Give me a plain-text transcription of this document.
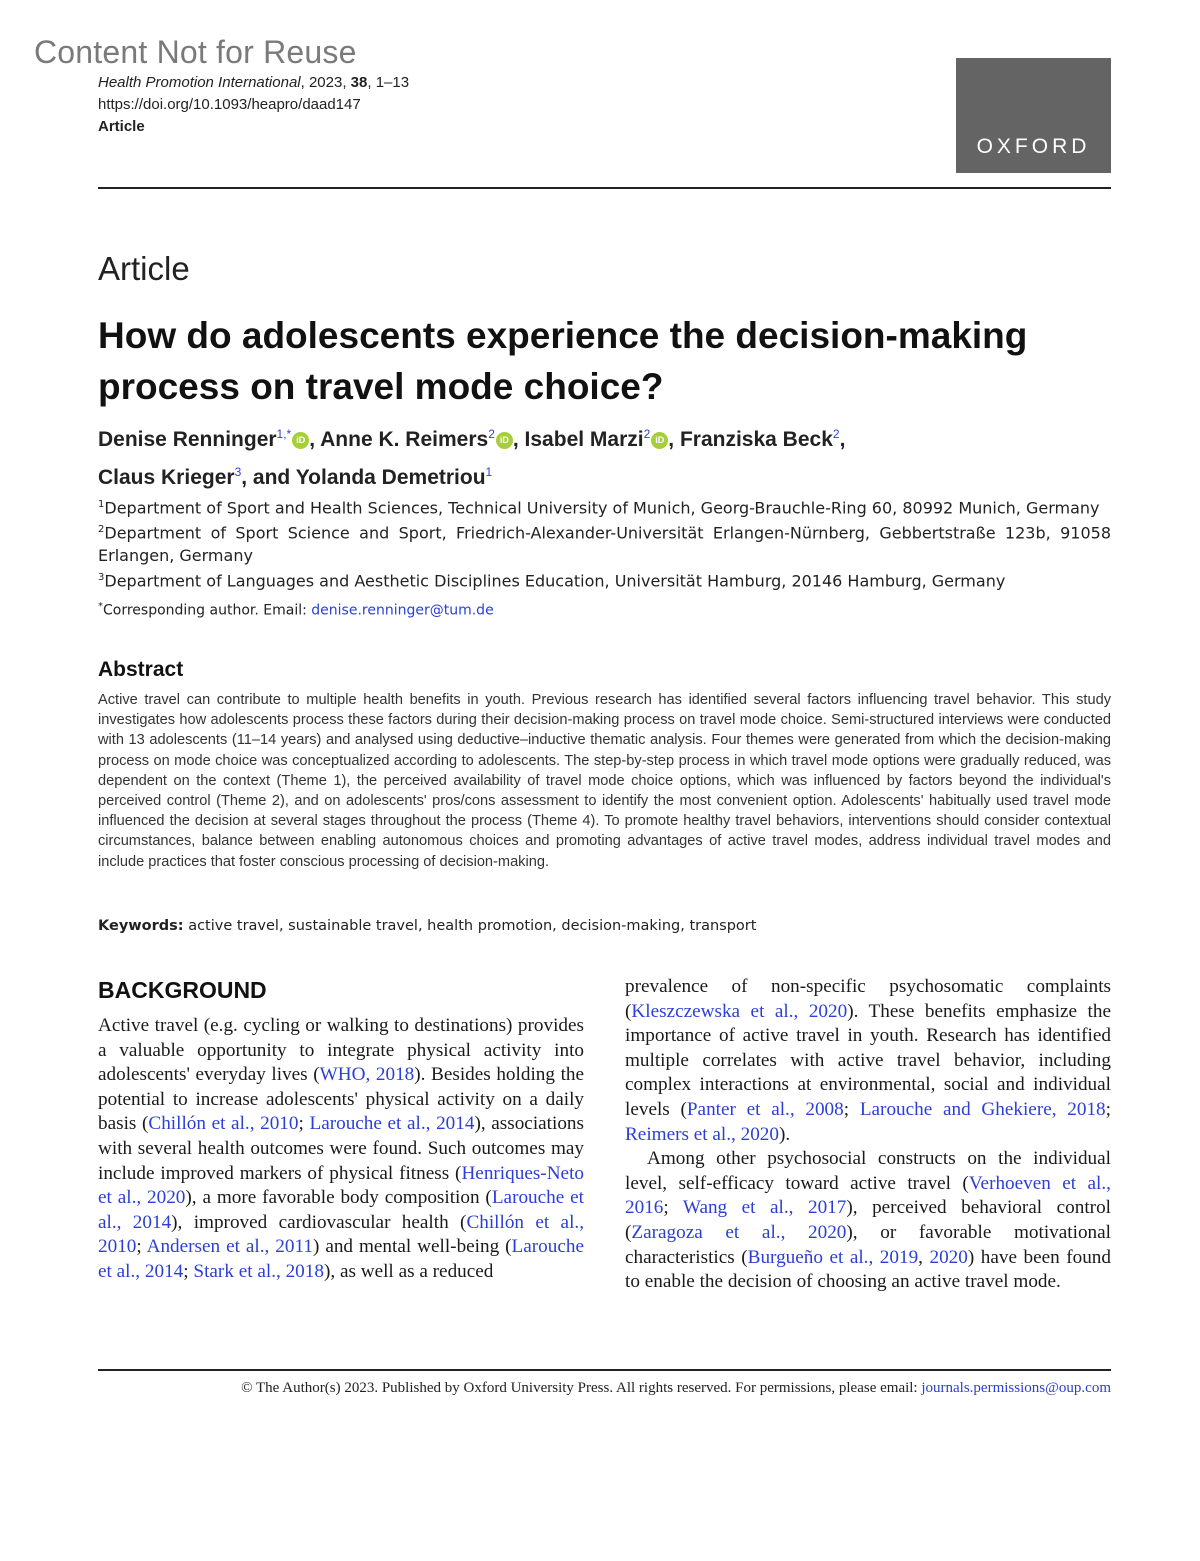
Content Not for Reuse
Health Promotion International, 2023, 38, 1–13
https://doi.org/10.1093/heapro/daad147
Article
OXFORD
Article
How do adolescents experience the decision-making process on travel mode choice?
Denise Renninger$^{1,*}$ iD , Anne K. Reimers$^2$ iD , Isabel Marzi$^2$ iD , Franziska Beck$^2$,
Claus Krieger$^3$, and Yolanda Demetriou$^1$

$^1$Department of Sport and Health Sciences, Technical University of Munich, Georg-Brauchle-Ring 60, 80992 Munich, Germany

$^2$Department of Sport Science and Sport, Friedrich-Alexander-Universität Erlangen-Nürnberg, Gebbertstraße 123b, 91058 Erlangen, Germany

$^3$Department of Languages and Aesthetic Disciplines Education, Universität Hamburg, 20146 Hamburg, Germany

*Corresponding author. Email: denise.renninger@tum.de

Abstract
Active travel can contribute to multiple health benefits in youth. Previous research has identified several factors influencing travel behavior. This study investigates how adolescents process these factors during their decision-making process on travel mode choice. Semi-structured interviews were conducted with 13 adolescents (11–14 years) and analysed using deductive–inductive thematic analysis. Four themes were generated from which the decision-making process on mode choice was conceptualized according to adolescents. The step-by-step process in which travel mode options were gradually reduced, was dependent on the context (Theme 1), the perceived availability of travel mode choice options, which was influenced by factors beyond the individual's perceived control (Theme 2), and on adolescents' pros/cons assessment to identify the most convenient option. Adolescents' habitually used travel mode influenced the decision at several stages throughout the process (Theme 4). To promote healthy travel behaviors, interventions should consider contextual circumstances, balance between enabling autonomous choices and promoting advantages of active travel modes, address individual travel modes and include practices that foster conscious processing of decision-making.
Keywords: active travel, sustainable travel, health promotion, decision-making, transport
BACKGROUND

Active travel (e.g. cycling or walking to destinations) provides a valuable opportunity to integrate physical activity into adolescents' everyday lives (WHO, 2018). Besides holding the potential to increase adolescents' physical activity on a daily basis (Chillón et al., 2010; Larouche et al., 2014), associations with several health outcomes were found. Such outcomes may include improved markers of physical fitness (Henriques-Neto et al., 2020), a more favorable body composition (Larouche et al., 2014), improved cardiovascular health (Chillón et al., 2010; Andersen et al., 2011) and mental well-being (Larouche et al., 2014; Stark et al., 2018), as well as a reduced

prevalence of non-specific psychosomatic complaints (Kleszczewska et al., 2020). These benefits emphasize the importance of active travel in youth. Research has identified multiple correlates with active travel behavior, including complex interactions at environmental, social and individual levels (Panter et al., 2008; Larouche and Ghekiere, 2018; Reimers et al., 2020).

Among other psychosocial constructs on the individual level, self-efficacy toward active travel (Verhoeven et al., 2016; Wang et al., 2017), perceived behavioral control (Zaragoza et al., 2020), or favorable motivational characteristics (Burgueño et al., 2019, 2020) have been found to enable the decision of choosing an active travel mode.

© The Author(s) 2023. Published by Oxford University Press. All rights reserved. For permissions, please email: journals.permissions@oup.com
